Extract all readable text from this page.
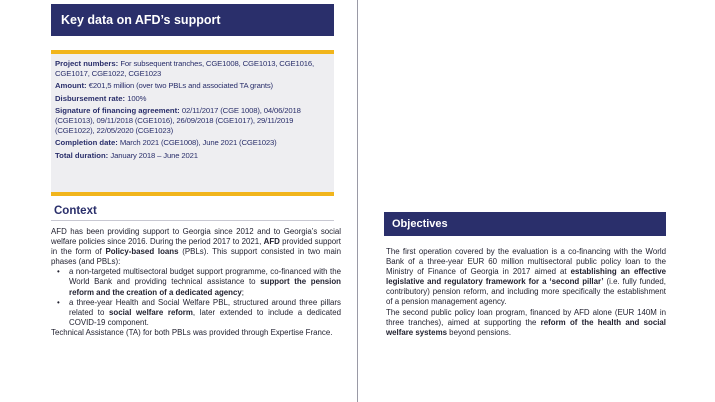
Key data on AFD’s support
Project numbers: For subsequent tranches, CGE1008, CGE1013, CGE1016, CGE1017, CGE1022, CGE1023
Amount: €201,5 million (over two PBLs and associated TA grants)
Disbursement rate: 100%
Signature of financing agreement: 02/11/2017 (CGE 1008), 04/06/2018 (CGE1013), 09/11/2018 (CGE1016), 26/09/2018 (CGE1017), 29/11/2019 (CGE1022), 22/05/2020 (CGE1023)
Completion date: March 2021 (CGE1008), June 2021 (CGE1023)
Total duration: January 2018 – June 2021
Context

AFD has been providing support to Georgia since 2012 and to Georgia’s social welfare policies since 2016. During the period 2017 to 2021, AFD provided support in the form of Policy-based loans (PBLs). This support consisted in two main phases (and PBLs):

• a non-targeted multisectoral budget support programme, co-financed with the World Bank and providing technical assistance to support the pension reform and the creation of a dedicated agency;
• a three-year Health and Social Welfare PBL, structured around three pillars related to social welfare reform, later extended to include a dedicated COVID-19 component.

Technical Assistance (TA) for both PBLs was provided through Expertise France.

Objectives

The first operation covered by the evaluation is a co-financing with the World Bank of a three-year EUR 60 million multisectoral public policy loan to the Ministry of Finance of Georgia in 2017 aimed at establishing an effective legislative and regulatory framework for a ‘second pillar’ (i.e. fully funded, contributory) pension reform, and including more specifically the establishment of a pension management agency.

The second public policy loan program, financed by AFD alone (EUR 140M in three tranches), aimed at supporting the reform of the health and social welfare systems beyond pensions.
